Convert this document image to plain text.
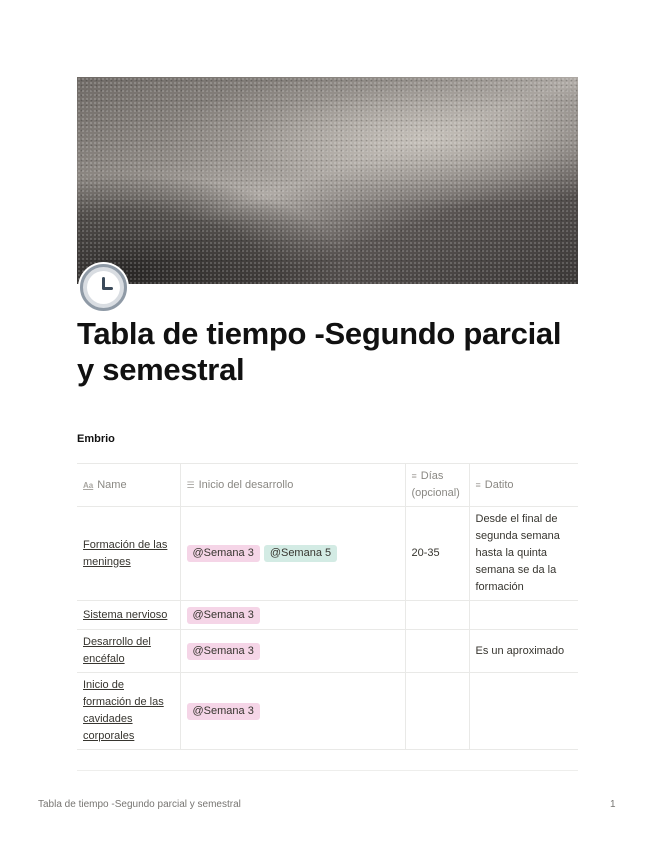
Tabla de tiempo -Segundo parcial y semestral
Embrio
Aa Name	☰ Inicio del desarrollo	≡ Días (opcional)	≡ Datito
Formación de las meninges	@Semana 3 @Semana 5	20-35	Desde el final de segunda semana hasta la quinta semana se da la formación
Sistema nervioso	@Semana 3		
Desarrollo del encéfalo	@Semana 3		Es un aproximado
Inicio de formación de las cavidades corporales	@Semana 3		
Tabla de tiempo -Segundo parcial y semestral	1
